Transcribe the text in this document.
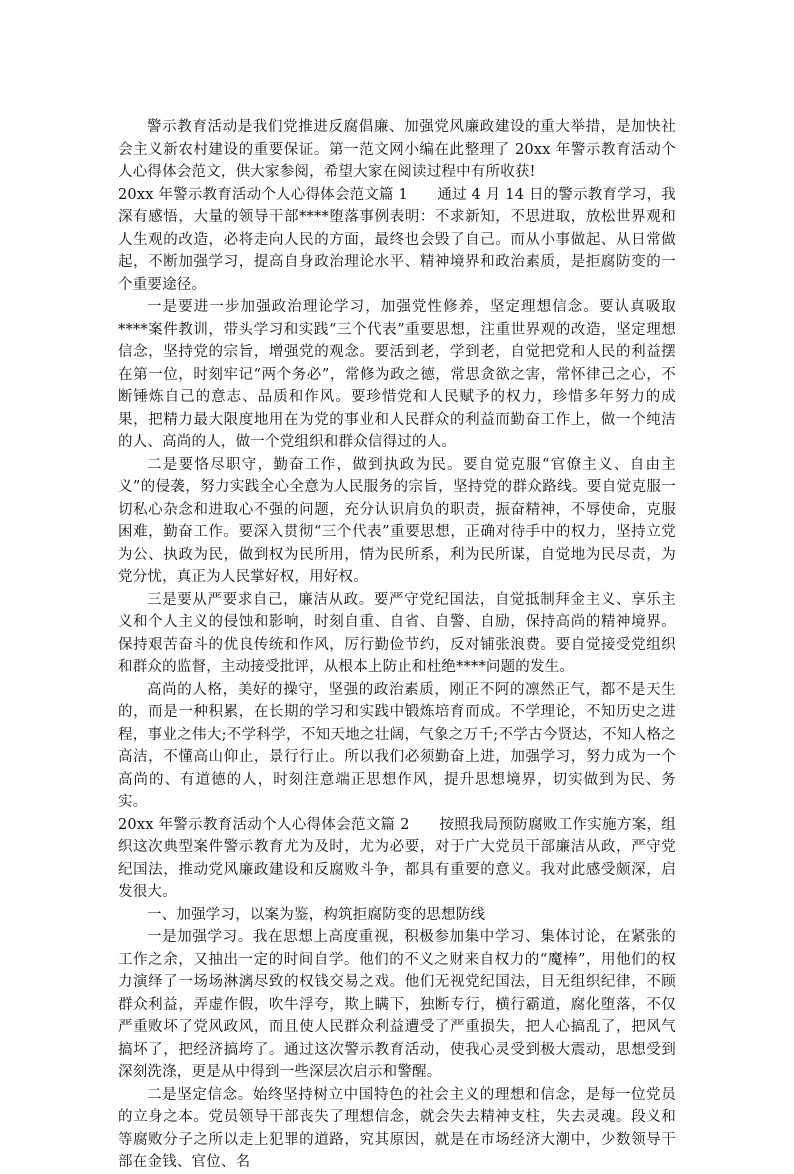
警示教育活动是我们党推进反腐倡廉、加强党风廉政建设的重大举措，是加快社会主义新农村建设的重要保证。第一范文网小编在此整理了 20xx 年警示教育活动个人心得体会范文，供大家参阅，希望大家在阅读过程中有所收获!

20xx 年警示教育活动个人心得体会范文篇 1　　通过 4 月 14 日的警示教育学习，我深有感悟，大量的领导干部****堕落事例表明：不求新知，不思进取，放松世界观和人生观的改造，必将走向人民的方面，最终也会毁了自己。而从小事做起、从日常做起，不断加强学习，提高自身政治理论水平、精神境界和政治素质，是拒腐防变的一个重要途径。

一是要进一步加强政治理论学习，加强党性修养，坚定理想信念。要认真吸取****案件教训，带头学习和实践“三个代表”重要思想，注重世界观的改造，坚定理想信念，坚持党的宗旨，增强党的观念。要活到老，学到老，自觉把党和人民的利益摆在第一位，时刻牢记“两个务必”，常修为政之德，常思贪欲之害，常怀律己之心，不断锤炼自己的意志、品质和作风。要珍惜党和人民赋予的权力，珍惜多年努力的成果，把精力最大限度地用在为党的事业和人民群众的利益而勤奋工作上，做一个纯洁的人、高尚的人，做一个党组织和群众信得过的人。

二是要恪尽职守，勤奋工作，做到执政为民。要自觉克服“官僚主义、自由主义”的侵袭，努力实践全心全意为人民服务的宗旨，坚持党的群众路线。要自觉克服一切私心杂念和进取心不强的问题，充分认识肩负的职责，振奋精神，不辱使命，克服困难，勤奋工作。要深入贯彻“三个代表”重要思想，正确对待手中的权力，坚持立党为公、执政为民，做到权为民所用，情为民所系，利为民所谋，自觉地为民尽责，为党分忧，真正为人民掌好权，用好权。

三是要从严要求自己，廉洁从政。要严守党纪国法，自觉抵制拜金主义、享乐主义和个人主义的侵蚀和影响，时刻自重、自省、自警、自励，保持高尚的精神境界。保持艰苦奋斗的优良传统和作风，厉行勤俭节约，反对铺张浪费。要自觉接受党组织和群众的监督，主动接受批评，从根本上防止和杜绝****问题的发生。

高尚的人格，美好的操守，坚强的政治素质，刚正不阿的凛然正气，都不是天生的，而是一种积累，在长期的学习和实践中锻炼培育而成。不学理论，不知历史之进程，事业之伟大;不学科学，不知天地之壮阔，气象之万千;不学古今贤达，不知人格之高洁，不懂高山仰止，景行行止。所以我们必须勤奋上进，加强学习，努力成为一个高尚的、有道德的人，时刻注意端正思想作风，提升思想境界，切实做到为民、务实。

20xx 年警示教育活动个人心得体会范文篇 2　　按照我局预防腐败工作实施方案，组织这次典型案件警示教育尤为及时，尤为必要，对于广大党员干部廉洁从政，严守党纪国法，推动党风廉政建设和反腐败斗争，都具有重要的意义。我对此感受颇深，启发很大。

一、加强学习，以案为鉴，构筑拒腐防变的思想防线

一是加强学习。我在思想上高度重视，积极参加集中学习、集体讨论，在紧张的工作之余，又抽出一定的时间自学。他们的不义之财来自权力的“魔棒”，用他们的权力演绎了一场场淋漓尽致的权钱交易之戏。他们无视党纪国法，目无组织纪律，不顾群众利益，弄虚作假，吹牛浮夸，欺上瞒下，独断专行，横行霸道，腐化堕落，不仅严重败坏了党风政风，而且使人民群众利益遭受了严重损失，把人心搞乱了，把风气搞坏了，把经济搞垮了。通过这次警示教育活动，使我心灵受到极大震动，思想受到深刻洗涤，更是从中得到一些深层次启示和警醒。

二是坚定信念。始终坚持树立中国特色的社会主义的理想和信念，是每一位党员的立身之本。党员领导干部丧失了理想信念，就会失去精神支柱，失去灵魂。段义和等腐败分子之所以走上犯罪的道路，究其原因，就是在市场经济大潮中，少数领导干部在金钱、官位、名
